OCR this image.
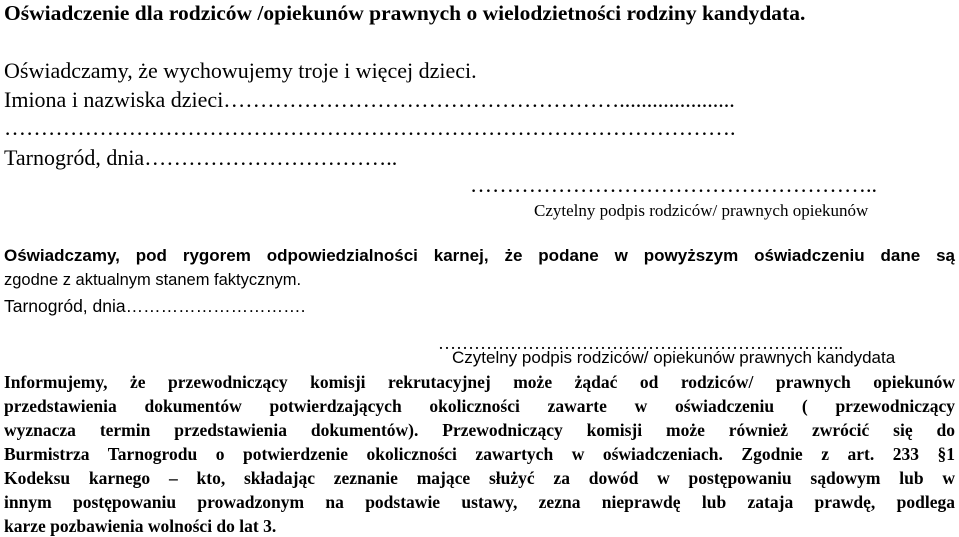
Oświadczenie dla rodziców /opiekunów prawnych o wielodzietności rodziny kandydata.
Oświadczamy, że wychowujemy troje i więcej dzieci.
Imiona i nazwiska dzieci……………………………………………….....................
……………………………………………………………………………………….
Tarnogród, dnia……………………………..
………………………………………………..
Czytelny podpis rodziców/ prawnych opiekunów
Oświadczamy, pod rygorem odpowiedzialności karnej, że podane w powyższym oświadczeniu dane są
zgodne z aktualnym stanem faktycznym.
Tarnogród, dnia………………………….
…………………………………………………………..
Czytelny podpis rodziców/ opiekunów prawnych kandydata
Informujemy, że przewodniczący komisji rekrutacyjnej może żądać od rodziców/ prawnych opiekunów
przedstawienia dokumentów potwierdzających okoliczności zawarte w oświadczeniu ( przewodniczący
wyznacza termin przedstawienia dokumentów). Przewodniczący komisji może również zwrócić się do
Burmistrza Tarnogrodu o potwierdzenie okoliczności zawartych w oświadczeniach. Zgodnie z art. 233 §1
Kodeksu karnego – kto, składając zeznanie mające służyć za dowód w postępowaniu sądowym lub w
innym postępowaniu prowadzonym na podstawie ustawy, zezna nieprawdę lub zataja prawdę, podlega
karze pozbawienia wolności do lat 3.
